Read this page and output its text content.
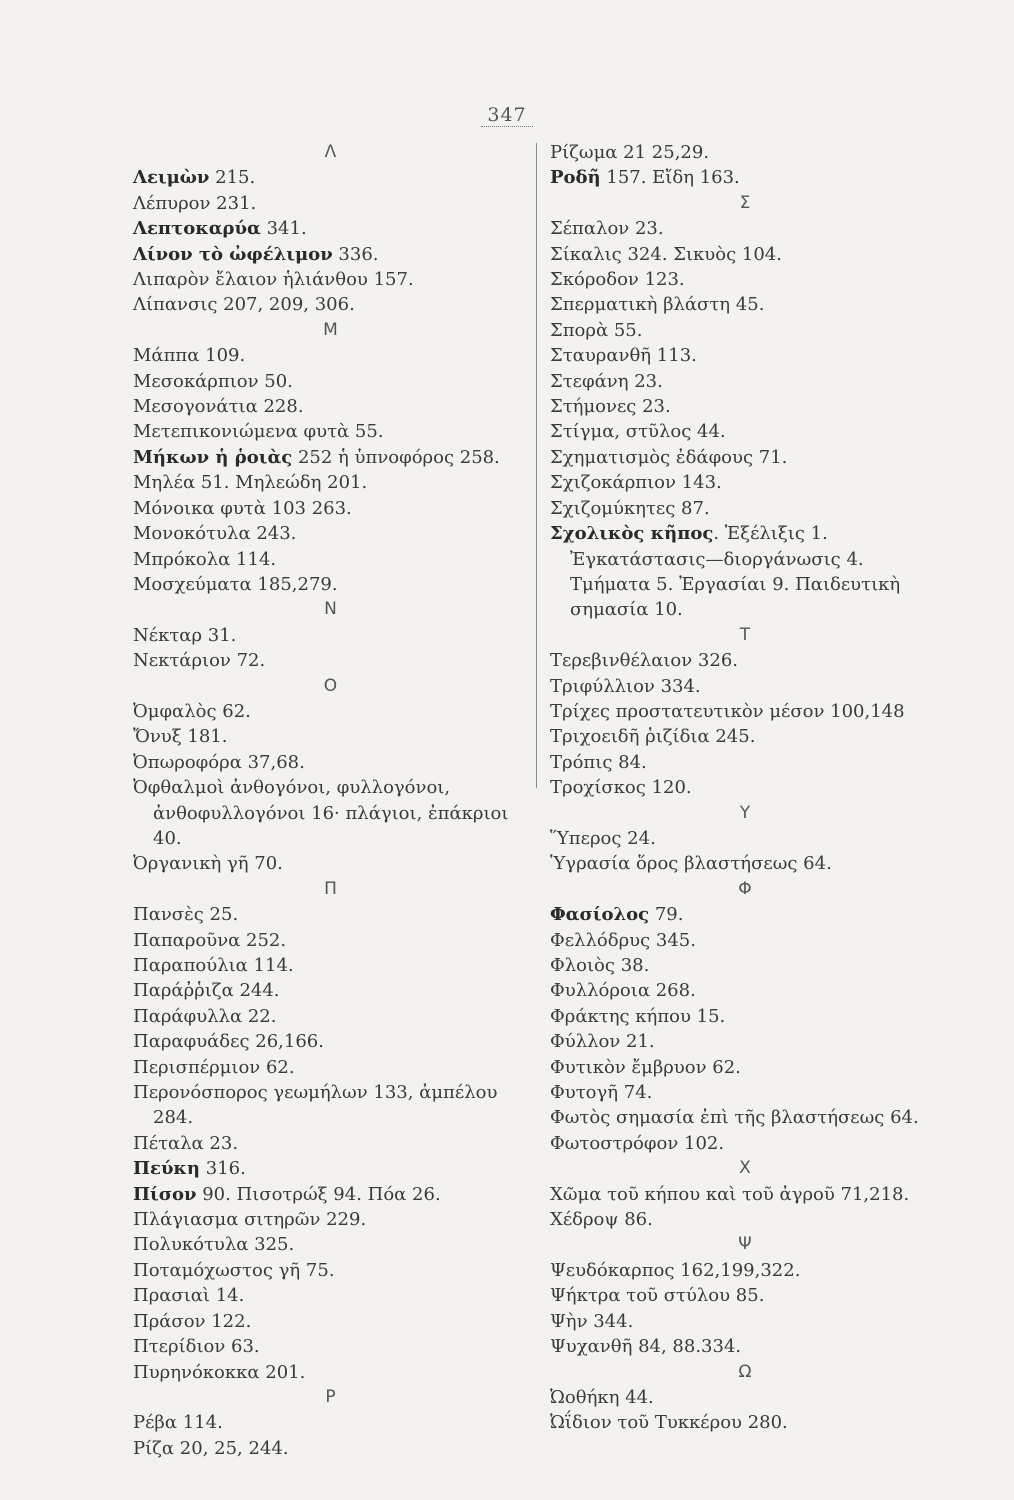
347
Λ
Λειμὼν 215.
Λέπυρον 231.
Λεπτοκαρύα 341.
Λίνον τὸ ὠφέλιμον 336.
Λιπαρὸν ἔλαιον ἡλιάνθου 157.
Λίπανσις 207, 209, 306.
Μ
Μάππα 109.
Μεσοκάρπιον 50.
Μεσογονάτια 228.
Μετεπικονιώμενα φυτὰ 55.
Μήκων ἡ ῥοιὰς 252 ἡ ὑπνοφόρος 258.
Μηλέα 51. Μηλεώδη 201.
Μόνοικα φυτὰ 103 263.
Μονοκότυλα 243.
Μπρόκολα 114.
Μοσχεύματα 185,279.
Ν
Νέκταρ 31.
Νεκτάριον 72.
Ο
Ὀμφαλὸς 62.
Ὄνυξ 181.
Ὀπωροφόρα 37,68.
Ὀφθαλμοὶ ἀνθογόνοι, φυλλογόνοι, ἀνθοφυλλογόνοι 16· πλάγιοι, ἐπάκριοι 40.
Ὀργανικὴ γῆ 70.
Π
Πανσὲς 25.
Παπαροῦνα 252.
Παραπούλια 114.
Παράῤῥιζα 244.
Παράφυλλα 22.
Παραφυάδες 26,166.
Περισπέρμιον 62.
Περονόσπορος γεωμήλων 133, ἀμπέλου 284.
Πέταλα 23.
Πεύκη 316.
Πίσον 90. Πισοτρώξ 94. Πόα 26.
Πλάγιασμα σιτηρῶν 229.
Πολυκότυλα 325.
Ποταμόχωστος γῆ 75.
Πρασιαὶ 14.
Πράσον 122.
Πτερίδιον 63.
Πυρηνόκοκκα 201.
Ρ
Ρέβα 114.
Ρίζα 20, 25, 244.
Ρίζωμα 21 25,29.
Ροδῆ 157. Εἴδη 163.
Σ
Σέπαλον 23.
Σίκαλις 324. Σικυὸς 104.
Σκόροδον 123.
Σπερματικὴ βλάστη 45.
Σπορὰ 55.
Σταυρανθῆ 113.
Στεφάνη 23.
Στήμονες 23.
Στίγμα, στῦλος 44.
Σχηματισμὸς ἐδάφους 71.
Σχιζοκάρπιον 143.
Σχιζομύκητες 87.
Σχολικὸς κῆπος. Ἐξέλιξις 1. Ἐγκατάστασις—διοργάνωσις 4. Τμήματα 5. Ἐργασίαι 9. Παιδευτικὴ σημασία 10.
Τ
Τερεβινθέλαιον 326.
Τριφύλλιον 334.
Τρίχες προστατευτικὸν μέσον 100,148
Τριχοειδῆ ῥιζίδια 245.
Τρόπις 84.
Τροχίσκος 120.
Υ
Ὕπερος 24.
Ὑγρασία ὅρος βλαστήσεως 64.
Φ
Φασίολος 79.
Φελλόδρυς 345.
Φλοιὸς 38.
Φυλλόροια 268.
Φράκτης κήπου 15.
Φύλλον 21.
Φυτικὸν ἔμβρυον 62.
Φυτογῆ 74.
Φωτὸς σημασία ἐπὶ τῆς βλαστήσεως 64.
Φωτοστρόφον 102.
Χ
Χῶμα τοῦ κήπου καὶ τοῦ ἀγροῦ 71,218.
Χέδροψ 86.
Ψ
Ψευδόκαρπος 162,199,322.
Ψήκτρα τοῦ στύλου 85.
Ψὴν 344.
Ψυχανθῆ 84, 88.334.
Ω
Ὠοθήκη 44.
Ὠΐδιον τοῦ Τυκκέρου 280.
